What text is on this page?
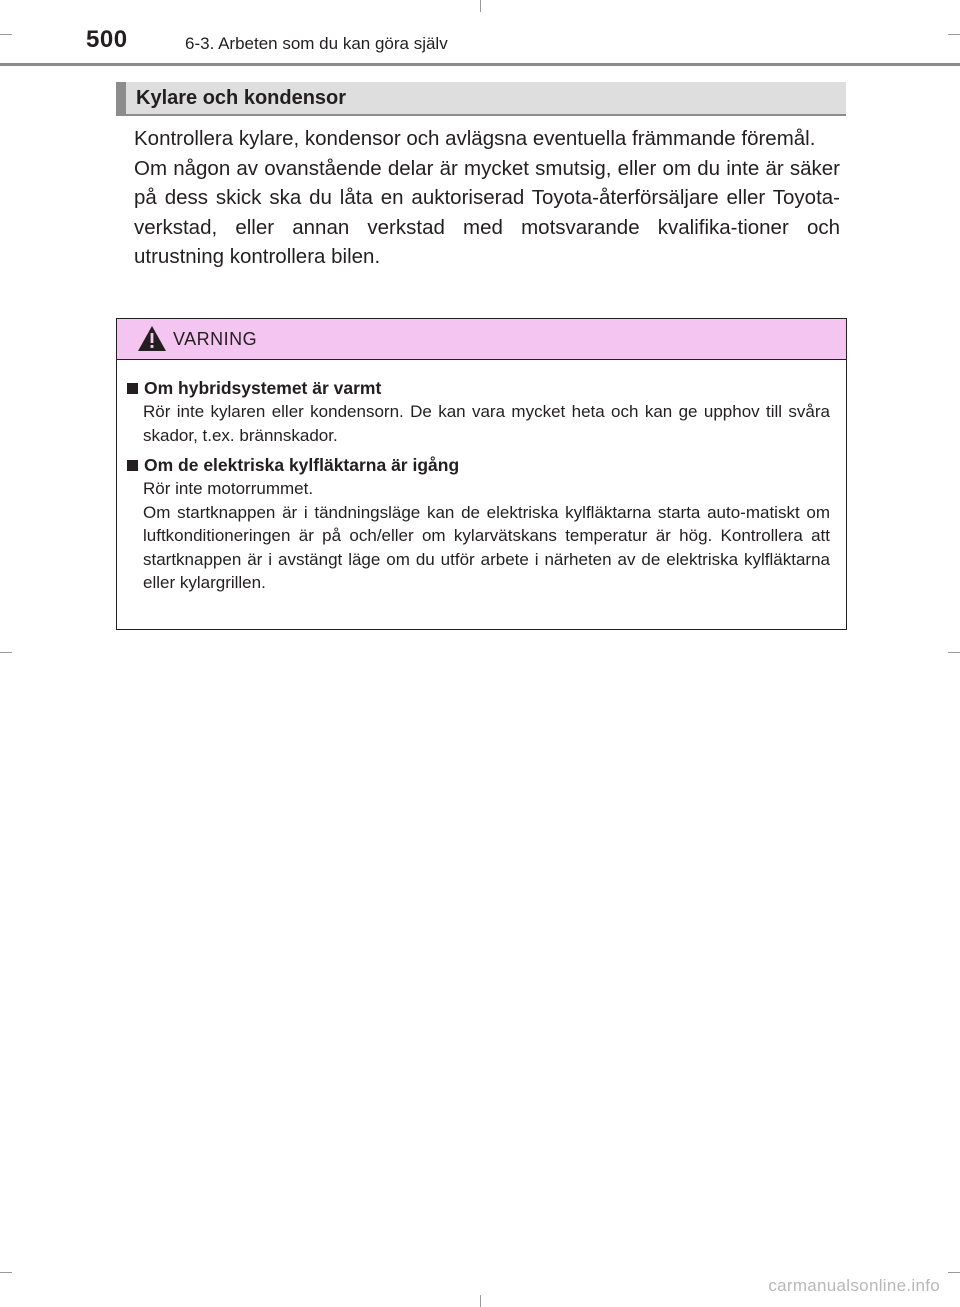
500	6-3. Arbeten som du kan göra själv
Kylare och kondensor

Kontrollera kylare, kondensor och avlägsna eventuella främmande föremål.

Om någon av ovanstående delar är mycket smutsig, eller om du inte är säker på dess skick ska du låta en auktoriserad Toyota-återförsäljare eller Toyota-verkstad, eller annan verkstad med motsvarande kvalifika-tioner och utrustning kontrollera bilen.

VARNING
Om hybridsystemet är varmt

Rör inte kylaren eller kondensorn. De kan vara mycket heta och kan ge upphov till svåra skador, t.ex. brännskador.

Om de elektriska kylfläktarna är igång

Rör inte motorrummet.

Om startknappen är i tändningsläge kan de elektriska kylfläktarna starta auto-matiskt om luftkonditioneringen är på och/eller om kylarvätskans temperatur är hög. Kontrollera att startknappen är i avstängt läge om du utför arbete i närheten av de elektriska kylfläktarna eller kylargrillen.

carmanualsonline.info
